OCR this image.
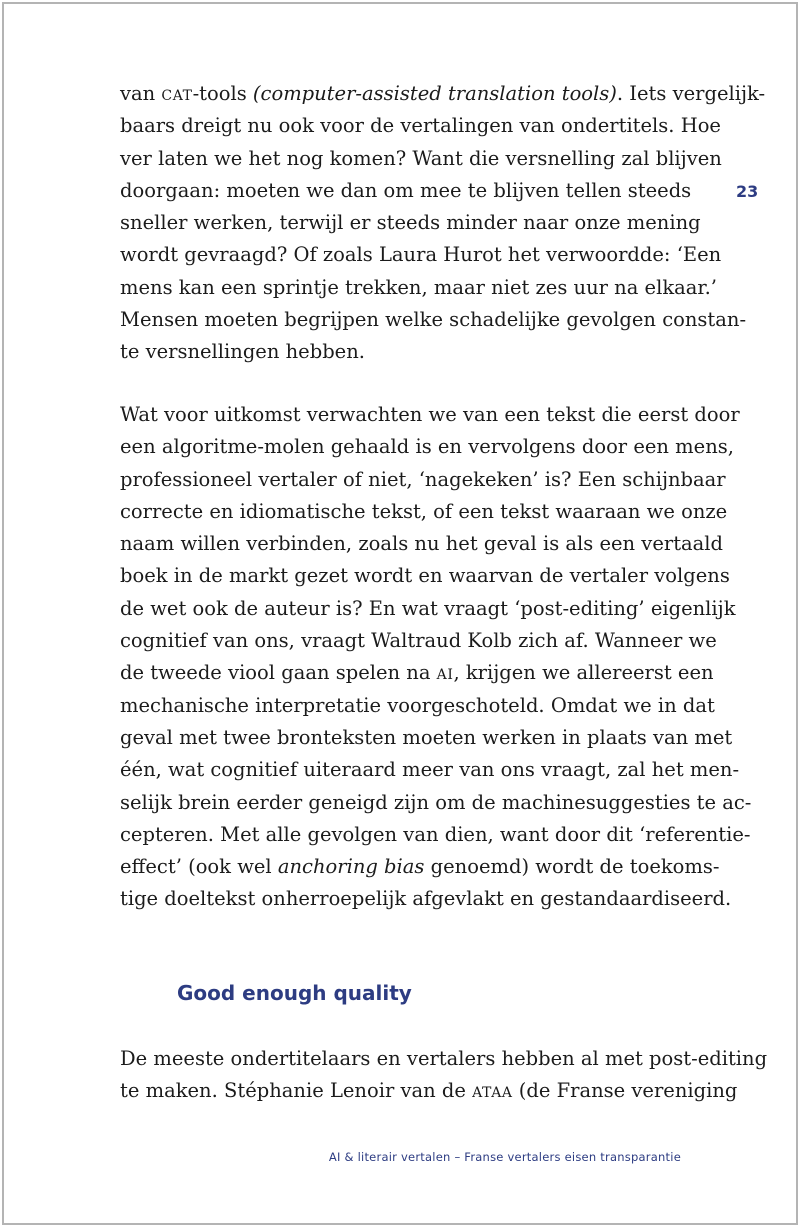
23
van cat-tools (computer-assisted translation tools). Iets vergelijk-
baars dreigt nu ook voor de vertalingen van ondertitels. Hoe
ver laten we het nog komen? Want die versnelling zal blijven
doorgaan: moeten we dan om mee te blijven tellen steeds
sneller werken, terwijl er steeds minder naar onze mening
wordt gevraagd? Of zoals Laura Hurot het verwoordde: ‘Een
mens kan een sprintje trekken, maar niet zes uur na elkaar.’
Mensen moeten begrijpen welke schadelijke gevolgen constan-
te versnellingen hebben.
Wat voor uitkomst verwachten we van een tekst die eerst door
een algoritme-molen gehaald is en vervolgens door een mens,
professioneel vertaler of niet, ‘nagekeken’ is? Een schijnbaar
correcte en idiomatische tekst, of een tekst waaraan we onze
naam willen verbinden, zoals nu het geval is als een vertaald
boek in de markt gezet wordt en waarvan de vertaler volgens
de wet ook de auteur is? En wat vraagt ‘post-editing’ eigenlijk
cognitief van ons, vraagt Waltraud Kolb zich af. Wanneer we
de tweede viool gaan spelen na ai, krijgen we allereerst een
mechanische interpretatie voorgeschoteld. Omdat we in dat
geval met twee bronteksten moeten werken in plaats van met
één, wat cognitief uiteraard meer van ons vraagt, zal het men-
selijk brein eerder geneigd zijn om de machinesuggesties te ac-
cepteren. Met alle gevolgen van dien, want door dit ‘referentie-
effect’ (ook wel anchoring bias genoemd) wordt de toekoms-
tige doeltekst onherroepelijk afgevlakt en gestandaardiseerd.
Good enough quality
De meeste ondertitelaars en vertalers hebben al met post-editing
te maken. Stéphanie Lenoir van de ataa (de Franse vereniging
AI & literair vertalen – Franse vertalers eisen transparantie
